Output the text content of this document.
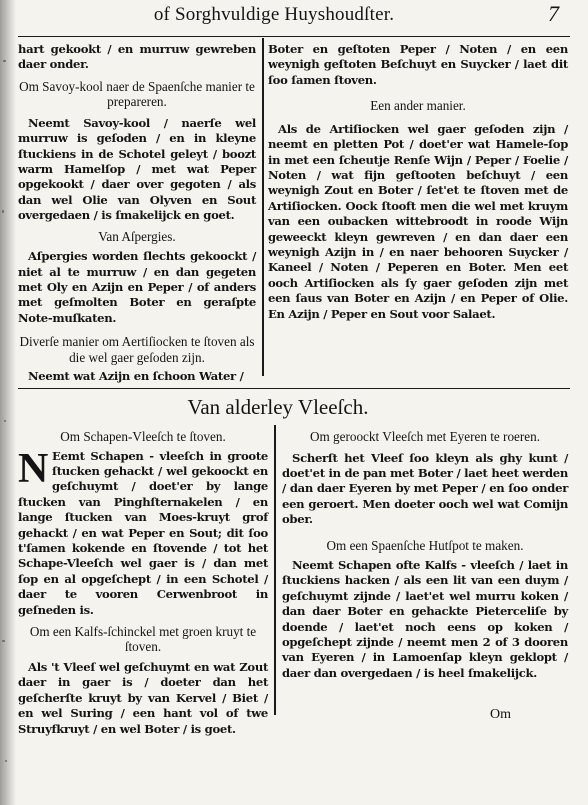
of Sorghvuldige Huyshoudſter.	7

hart gekookt / en murruw gewreben daer onder.

Om Savoy-kool naer de Spaenſche manier te prepareren.

Neemt Savoy-kool / naerſe wel murruw is geſoden / en in kleyne ſtuckiens in de Schotel geleyt / boozt warm Hamelſop / met wat Peper opgekookt / daer over gegoten / als dan wel Olie van Olyven en Sout overgedaen / is ſmakelijck en goet.

Van Aſpergies.

Aſpergies worden ſlechts gekoockt / niet al te murruw / en dan gegeten met Oly en Azijn en Peper / of anders met geſmolten Boter en geraſpte Note-muſkaten.

Diverſe manier om Aertiſiocken te ſtoven als die wel gaer geſoden zijn.

Neemt wat Azijn en ſchoon Water /

Boter en geſtoten Peper / Noten / en een weynigh geſtoten Beſchuyt en Suycker / laet dit ſoo ſamen ſtoven.

Een ander manier.

Als de Artiſiocken wel gaer geſoden zijn / neemt en pletten Pot / doet'er wat Hamele-ſop in met een ſcheutje Renſe Wijn / Peper / Foelie / Noten / wat fijn geſtooten beſchuyt / een weynigh Zout en Boter / ſet'et te ſtoven met de Artiſiocken. Oock ſtooft men die wel met kruym van een oubacken wittebroodt in roode Wijn geweeckt kleyn gewreven / en dan daer een weynigh Azijn in / en naer behooren Suycker / Kaneel / Noten / Peperen en Boter. Men eet ooch Artiſiocken als ſy gaer geſoden zijn met een ſaus van Boter en Azijn / en Peper of Olie. En Azijn / Peper en Sout voor Salaet.

Van alderley Vleeſch.

Om Schapen-Vleeſch te ſtoven.

N Eemt Schapen - vleeſch in groote ſtucken gehackt / wel gekoockt en geſchuymt / doet'er by lange ſtucken van Pinghſternakelen / en lange ſtucken van Moes-kruyt grof gehackt / en wat Peper en Sout; dit ſoo t'ſamen kokende en ſtovende / tot het Schape-Vleeſch wel gaer is / dan met ſop en al opgeſchept / in een Schotel / daer te vooren Cerwenbroot in geſneden is.

Om een Kalfs-ſchinckel met groen kruyt te ſtoven.

Als 't Vleeſ wel geſchuymt en wat Zout daer in gaer is / doeter dan het geſcherſte kruyt by van Kervel / Biet / en wel Suring / een hant vol of twe Struyfkruyt / en wel Boter / is goet.

Om geroockt Vleeſch met Eyeren te roeren.

Scherſt het Vleeſ ſoo kleyn als ghy kunt / doet'et in de pan met Boter / laet heet werden / dan daer Eyeren by met Peper / en ſoo onder een geroert. Men doeter ooch wel wat Comijn ober.

Om een Spaenſche Hutſpot te maken.

Neemt Schapen ofte Kalfs - vleeſch / laet in ſtuckiens hacken / als een lit van een duym / geſchuymt zijnde / laet'et wel murru koken / dan daer Boter en gehackte Pieterceliſe by doende / laet'et noch eens op koken / opgeſchept zijnde / neemt men 2 of 3 dooren van Eyeren / in Lamoenſap kleyn geklopt / daer dan overgedaen / is heel ſmakelijck.

Om
